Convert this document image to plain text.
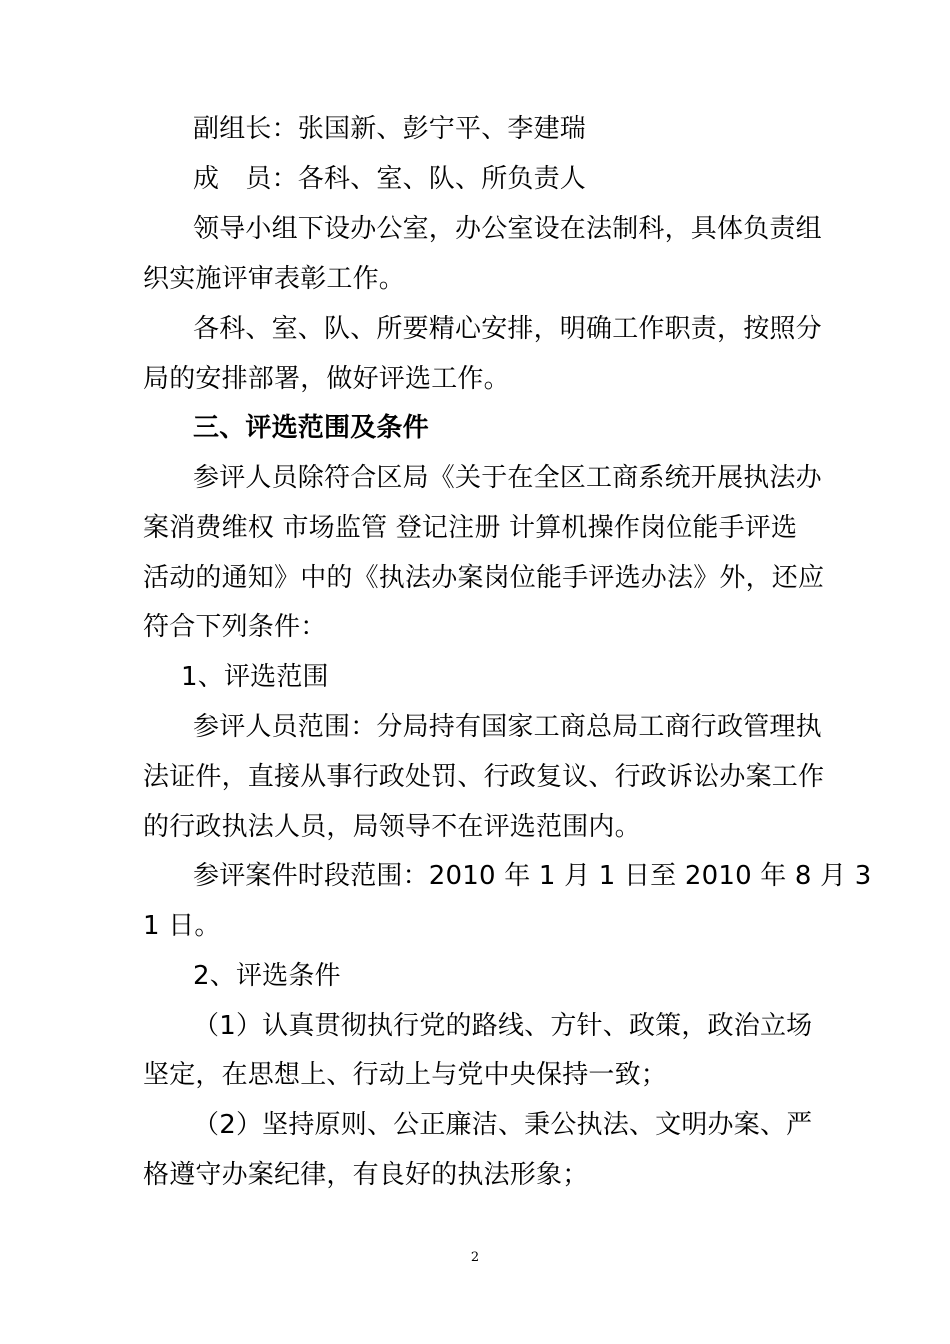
副组长：张国新、彭宁平、李建瑞
成　员：各科、室、队、所负责人
领导小组下设办公室，办公室设在法制科，具体负责组
织实施评审表彰工作。
各科、室、队、所要精心安排，明确工作职责，按照分
局的安排部署，做好评选工作。
三、评选范围及条件
参评人员除符合区局《关于在全区工商系统开展执法办
案消费维权 市场监管 登记注册 计算机操作岗位能手评选
活动的通知》中的《执法办案岗位能手评选办法》外，还应
符合下列条件：
1、评选范围
参评人员范围：分局持有国家工商总局工商行政管理执
法证件，直接从事行政处罚、行政复议、行政诉讼办案工作
的行政执法人员，局领导不在评选范围内。
参评案件时段范围：2010 年 1 月 1 日至 2010 年 8 月 3
1 日。
2、评选条件
（1）认真贯彻执行党的路线、方针、政策，政治立场
坚定，在思想上、行动上与党中央保持一致；
（2）坚持原则、公正廉洁、秉公执法、文明办案、严
格遵守办案纪律，有良好的执法形象；
2
